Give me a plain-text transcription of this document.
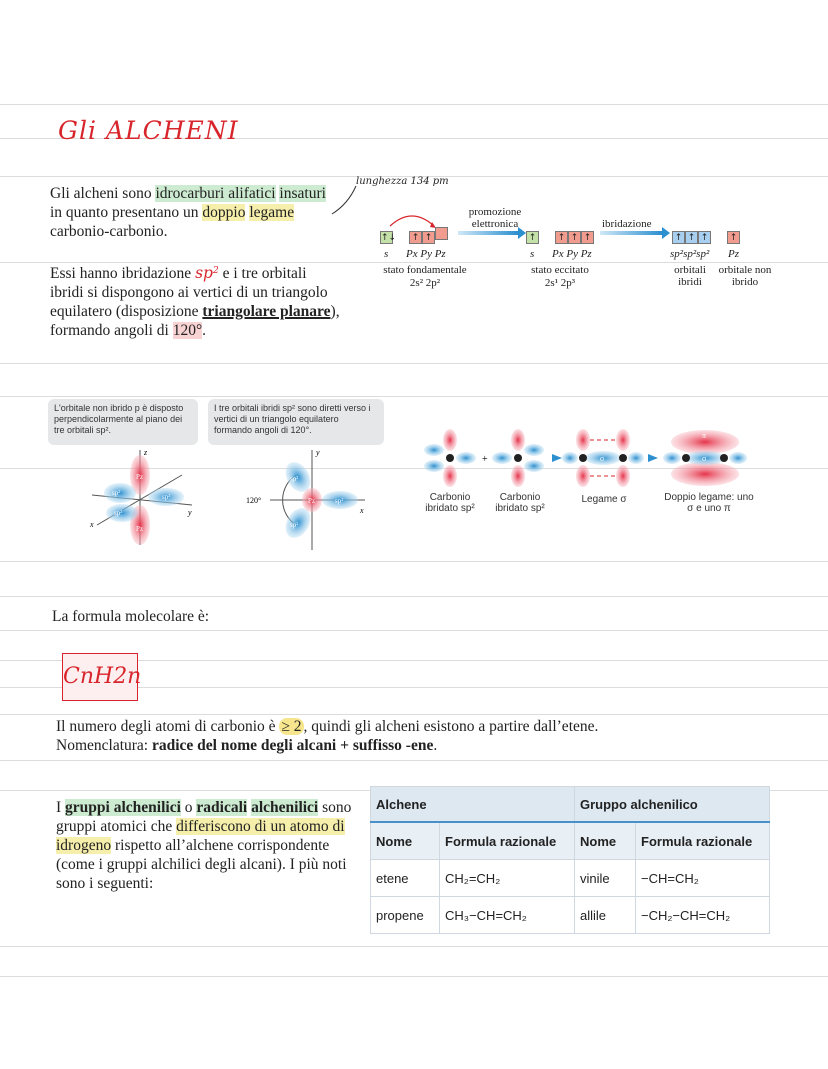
Gli ALCHENI
Gli alcheni sono idrocarburi alifatici insaturi in quanto presentano un doppio legame carbonio-carbonio.
lunghezza 134 pm
Essi hanno ibridazione $sp^2$ e i tre orbitali ibridi si dispongono ai vertici di un triangolo equilatero (disposizione triangolare planare), formando angoli di 120°.
promozione elettronica	ibridazione
↑↓ ↑ ↑	↑ ↑ ↑ ↑	↑ ↑ ↑ ↑
s Px Py Pz	s Px Py Pz	sp²sp²sp² Pz
stato fondamentale
2s² 2p²
stato eccitato
2s¹ 2p³
orbitali ibridi
orbitale non ibrido
L'orbitale non ibrido p è disposto perpendicolarmente al piano dei tre orbitali sp².
I tre orbitali ibridi sp² sono diretti verso i vertici di un triangolo equilatero formando angoli di 120°.
z
y
x
sp²	sp²
sp²
Pz
Pz
y
x
120°
sp²
sp²
sp²
Pz
+	σ	σ
π
Carbonio ibridato sp²
Carbonio ibridato sp²
Legame σ	Doppio legame: uno σ e uno π
La formula molecolare è:
CnH2n
Il numero degli atomi di carbonio è ≥ 2 , quindi gli alcheni esistono a partire dall’etene.
Nomenclatura: radice del nome degli alcani + suffisso -ene.
I gruppi alchenilici o radicali alchenilici sono gruppi atomici che differiscono di un atomo di idrogeno rispetto all’alchene corrispondente (come i gruppi alchilici degli alcani). I più noti sono i seguenti:
Alchene		Gruppo alchenilico	
Nome	Formula razionale	Nome	Formula razionale
etene	CH₂=CH₂	vinile	−CH=CH₂
propene	CH₃−CH=CH₂	allile	−CH₂−CH=CH₂
